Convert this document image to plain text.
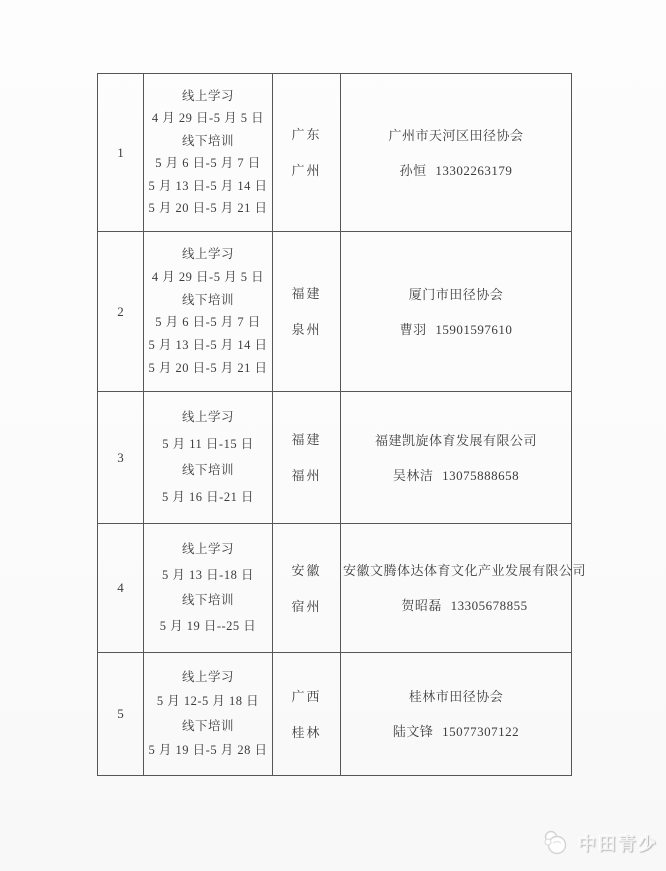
1
线上学习
4 月 29 日-5 月 5 日
线下培训
5 月 6 日-5 月 7 日
5 月 13 日-5 月 14 日
5 月 20 日-5 月 21 日
广东
广州
广州市天河区田径协会
孙恒 13302263179
2
线上学习
4 月 29 日-5 月 5 日
线下培训
5 月 6 日-5 月 7 日
5 月 13 日-5 月 14 日
5 月 20 日-5 月 21 日
福建
泉州
厦门市田径协会
曹羽 15901597610
3
线上学习
5 月 11 日-15 日
线下培训
5 月 16 日-21 日
福建
福州
福建凯旋体育发展有限公司
吴林洁 13075888658
4
线上学习
5 月 13 日-18 日
线下培训
5 月 19 日--25 日
安徽
宿州
安徽文腾体达体育文化产业发展有限公司
贺昭磊 13305678855
5
线上学习
5 月 12-5 月 18 日
线下培训
5 月 19 日-5 月 28 日
广西
桂林
桂林市田径协会
陆文锋 15077307122
中田青少
